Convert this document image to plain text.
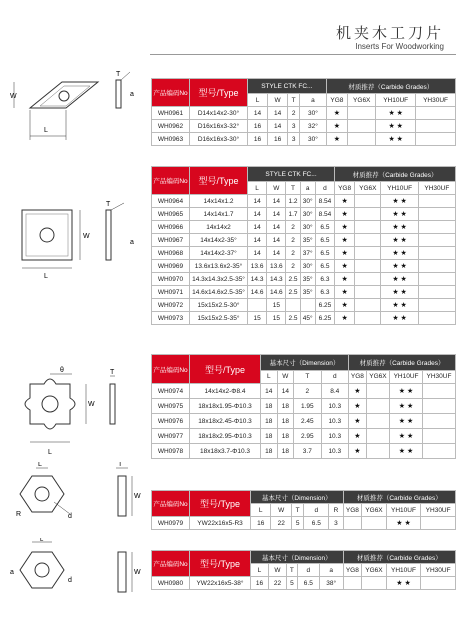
机夹木工刀片
Inserts For Woodworking
L
W
T
a	产品编码No	型号/Type	STYLE CTK FC...				材质推荐（Carbide Grades）			
		L	W	T	a	YG8	YG6X	YH10UF	YH30UF
WH0961	D14x14x2-30°	14	14	2	30°	★		★ ★	
WH0962	D16x16x3-32°	16	14	3	32°	★		★ ★	
WH0963	D16x16x3-30°	16	16	3	30°	★		★ ★	
L
W
T
a
产品编码No	型号/Type	STYLE CTK FC...					材质推荐（Carbide Grades）			
		L	W	T	a	d	YG8	YG6X	YH10UF	YH30UF
WH0964	14x14x1.2	14	14	1.2	30°	8.54	★		★ ★	
WH0965	14x14x1.7	14	14	1.7	30°	8.54	★		★ ★	
WH0966	14x14x2	14	14	2	30°	6.5	★		★ ★	
WH0967	14x14x2-35°	14	14	2	35°	6.5	★		★ ★	
WH0968	14x14x2-37°	14	14	2	37°	6.5	★		★ ★	
WH0969	13.6x13.6x2-35°	13.6	13.6	2	30°	6.5	★		★ ★	
WH0970	14.3x14.3x2.5-35°	14.3	14.3	2.5	35°	6.3	★		★ ★	
WH0971	14.6x14.6x2.5-35°	14.6	14.6	2.5	35°	6.3	★		★ ★	
WH0972	15x15x2.5-30°		15			6.25	★		★ ★	
WH0973	15x15x2.5-35°	15	15	2.5	45°	6.25	★		★ ★	
θ
L
W
T	产品编码No	型号/Type	基本尺寸（Dimension）				材质推荐（Carbide Grades）			
		L	W	T	d	YG8	YG6X	YH10UF	YH30UF
WH0974	14x14x2-Φ8.4	14	14	2	8.4	★		★ ★	
WH0975	18x18x1.95-Φ10.3	18	18	1.95	10.3	★		★ ★	
WH0976	18x18x2.45-Φ10.3	18	18	2.45	10.3	★		★ ★	
WH0977	18x18x2.95-Φ10.3	18	18	2.95	10.3	★		★ ★	
WH0978	18x18x3.7-Φ10.3	18	18	3.7	10.3	★		★ ★	
L
d
R
T
W
产品编码No	型号/Type	基本尺寸（Dimension）					材质推荐（Carbide Grades）			
		L	W	T	d	R	YG8	YG6X	YH10UF	YH30UF
WH0979	YW22x16x5-R3	16	22	5	6.5	3			★ ★	
L
a
d
W
产品编码No	型号/Type	基本尺寸（Dimension）					材质推荐（Carbide Grades）			
		L	W	T	d	a	YG8	YG6X	YH10UF	YH30UF
WH0980	YW22x16x5-38°	16	22	5	6.5	38°			★ ★	
